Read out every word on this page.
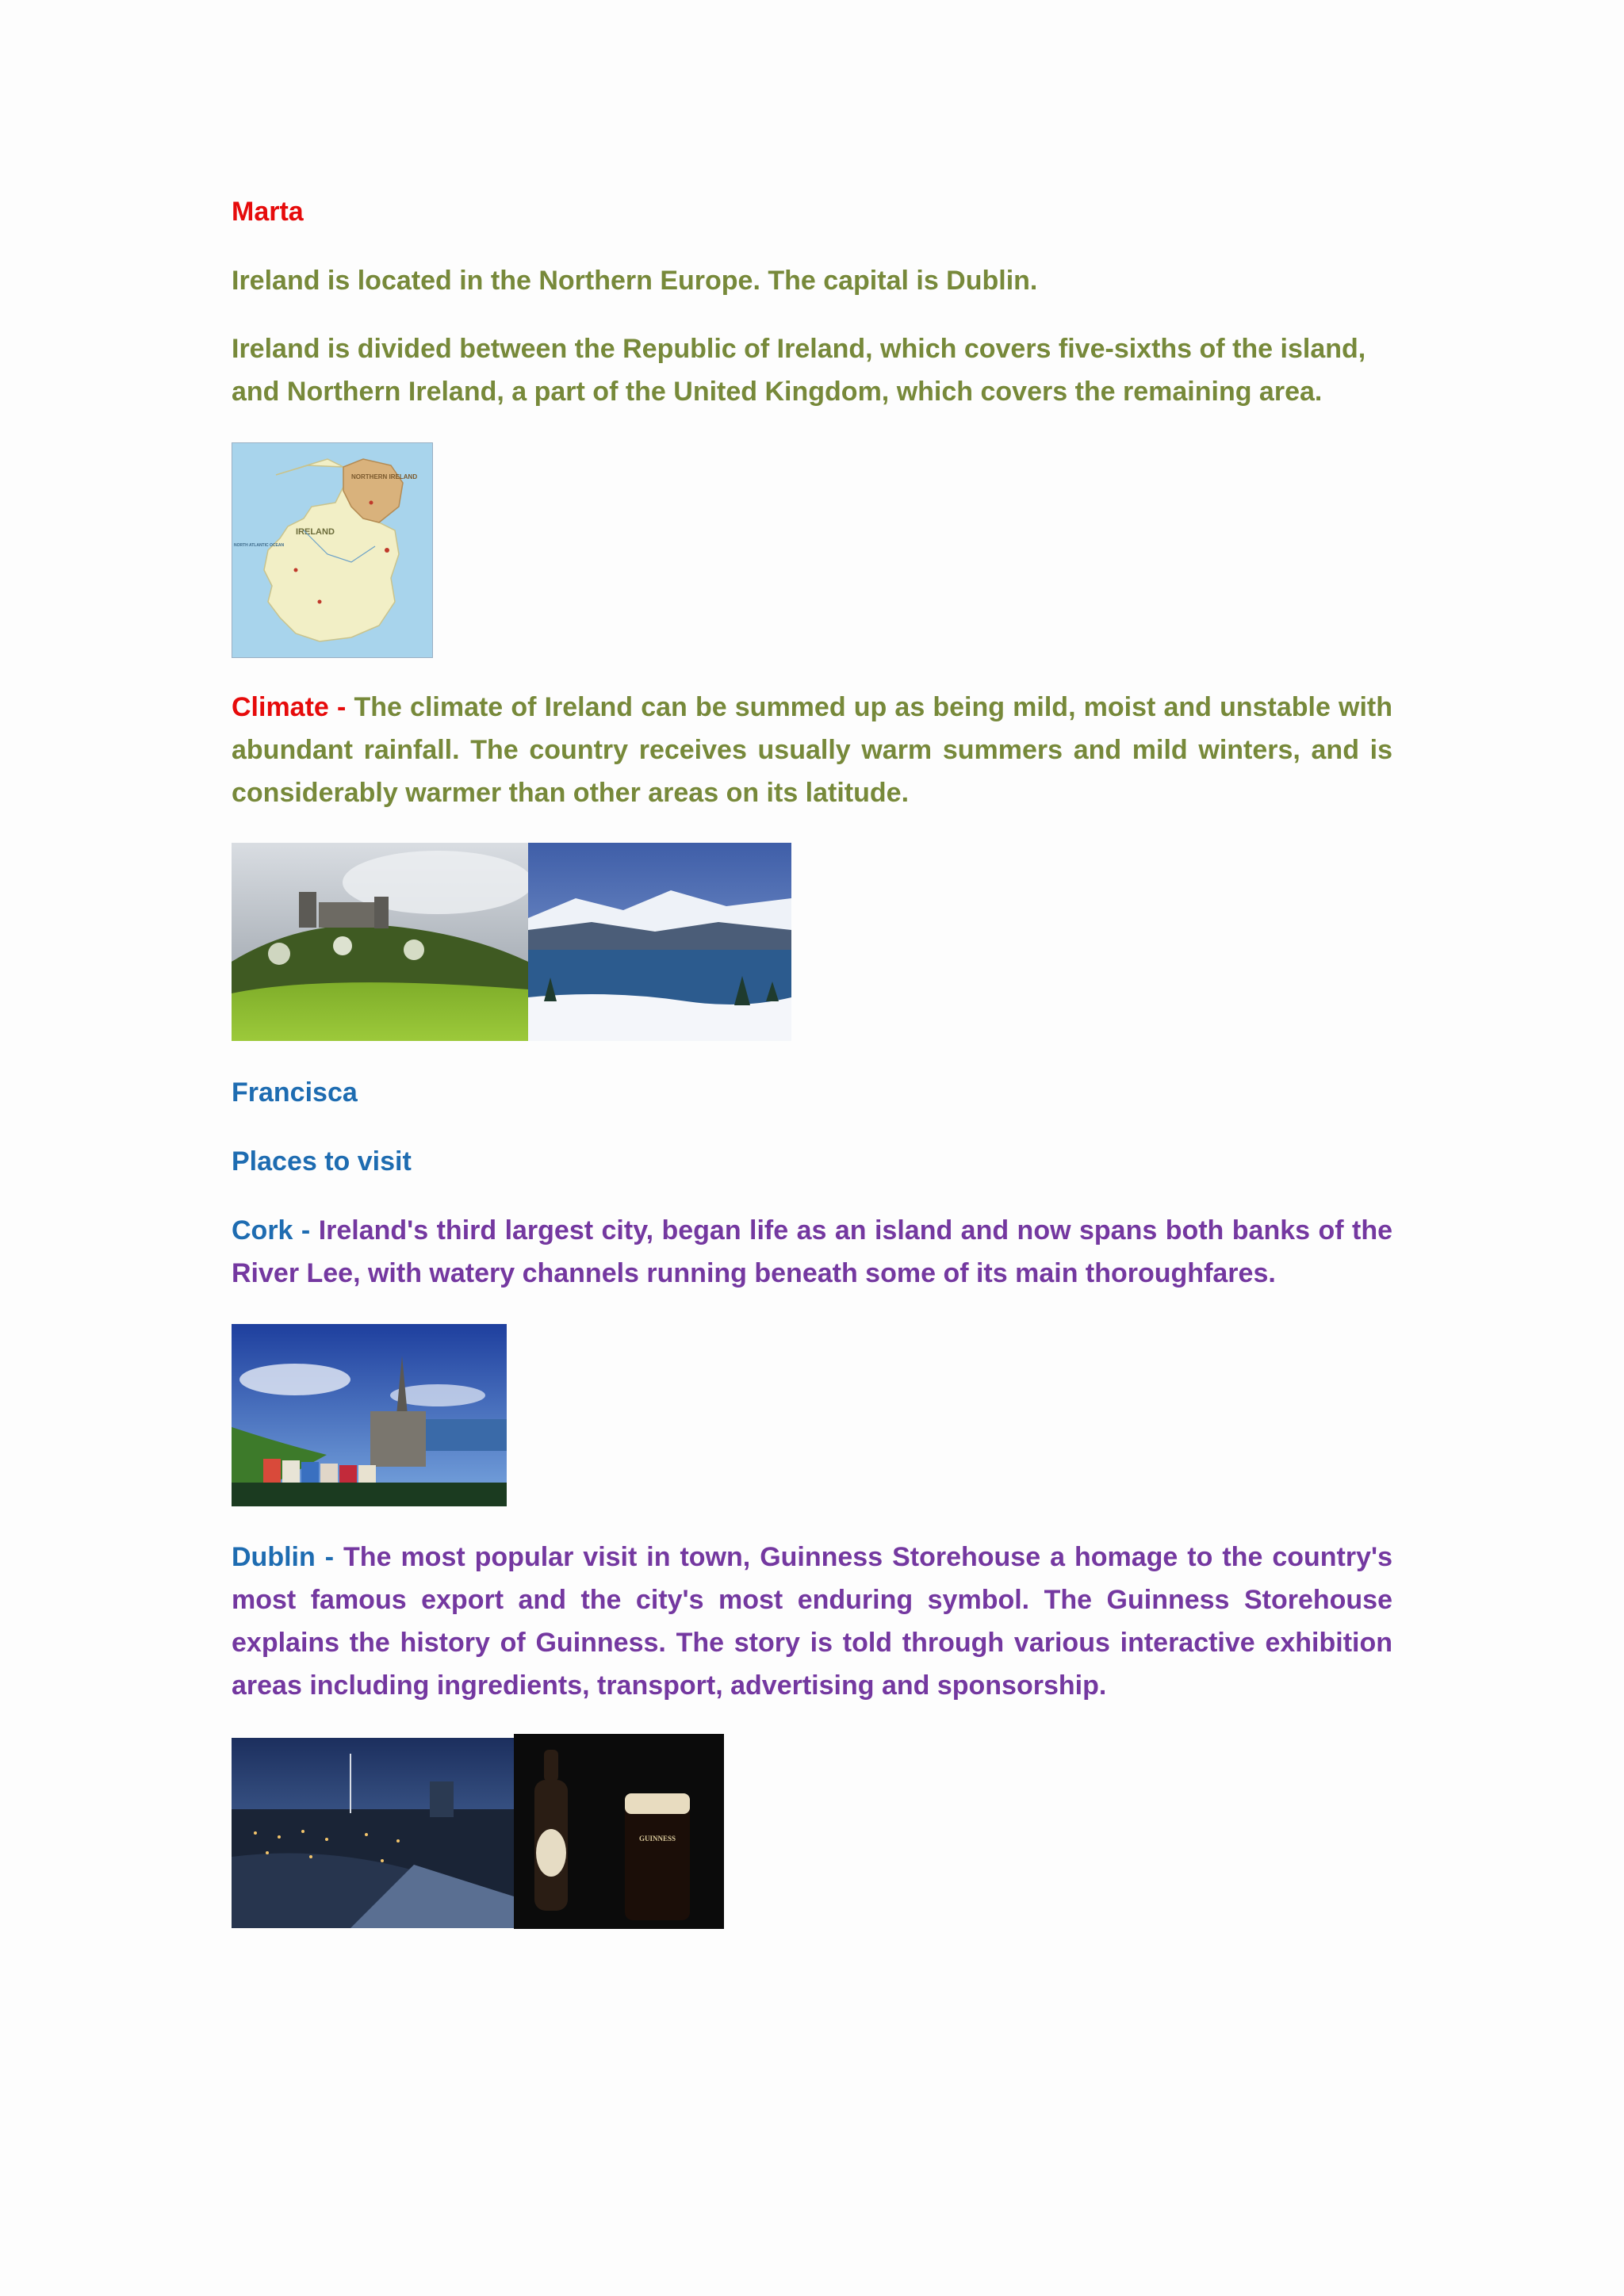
Marta
Ireland is located in the Northern Europe. The capital is Dublin.
Ireland is divided between the Republic of Ireland, which covers five-sixths of the island, and Northern Ireland, a part of the United Kingdom, which covers the remaining area.
NORTHERN IRELAND
IRELAND
NORTH ATLANTIC OCEAN
Climate - The climate of Ireland can be summed up as being mild, moist and unstable with abundant rainfall. The country receives usually warm summers and mild winters, and is considerably warmer than other areas on its latitude.
Francisca
Places to visit
Cork - Ireland's third largest city, began life as an island and now spans both banks of the River Lee, with watery channels running beneath some of its main thoroughfares.
Dublin - The most popular visit in town, Guinness Storehouse a homage to the country's most famous export and the city's most enduring symbol. The Guinness Storehouse explains the history of Guinness. The story is told through various interactive exhibition areas including ingredients, transport, advertising and sponsorship.
GUINNESS
